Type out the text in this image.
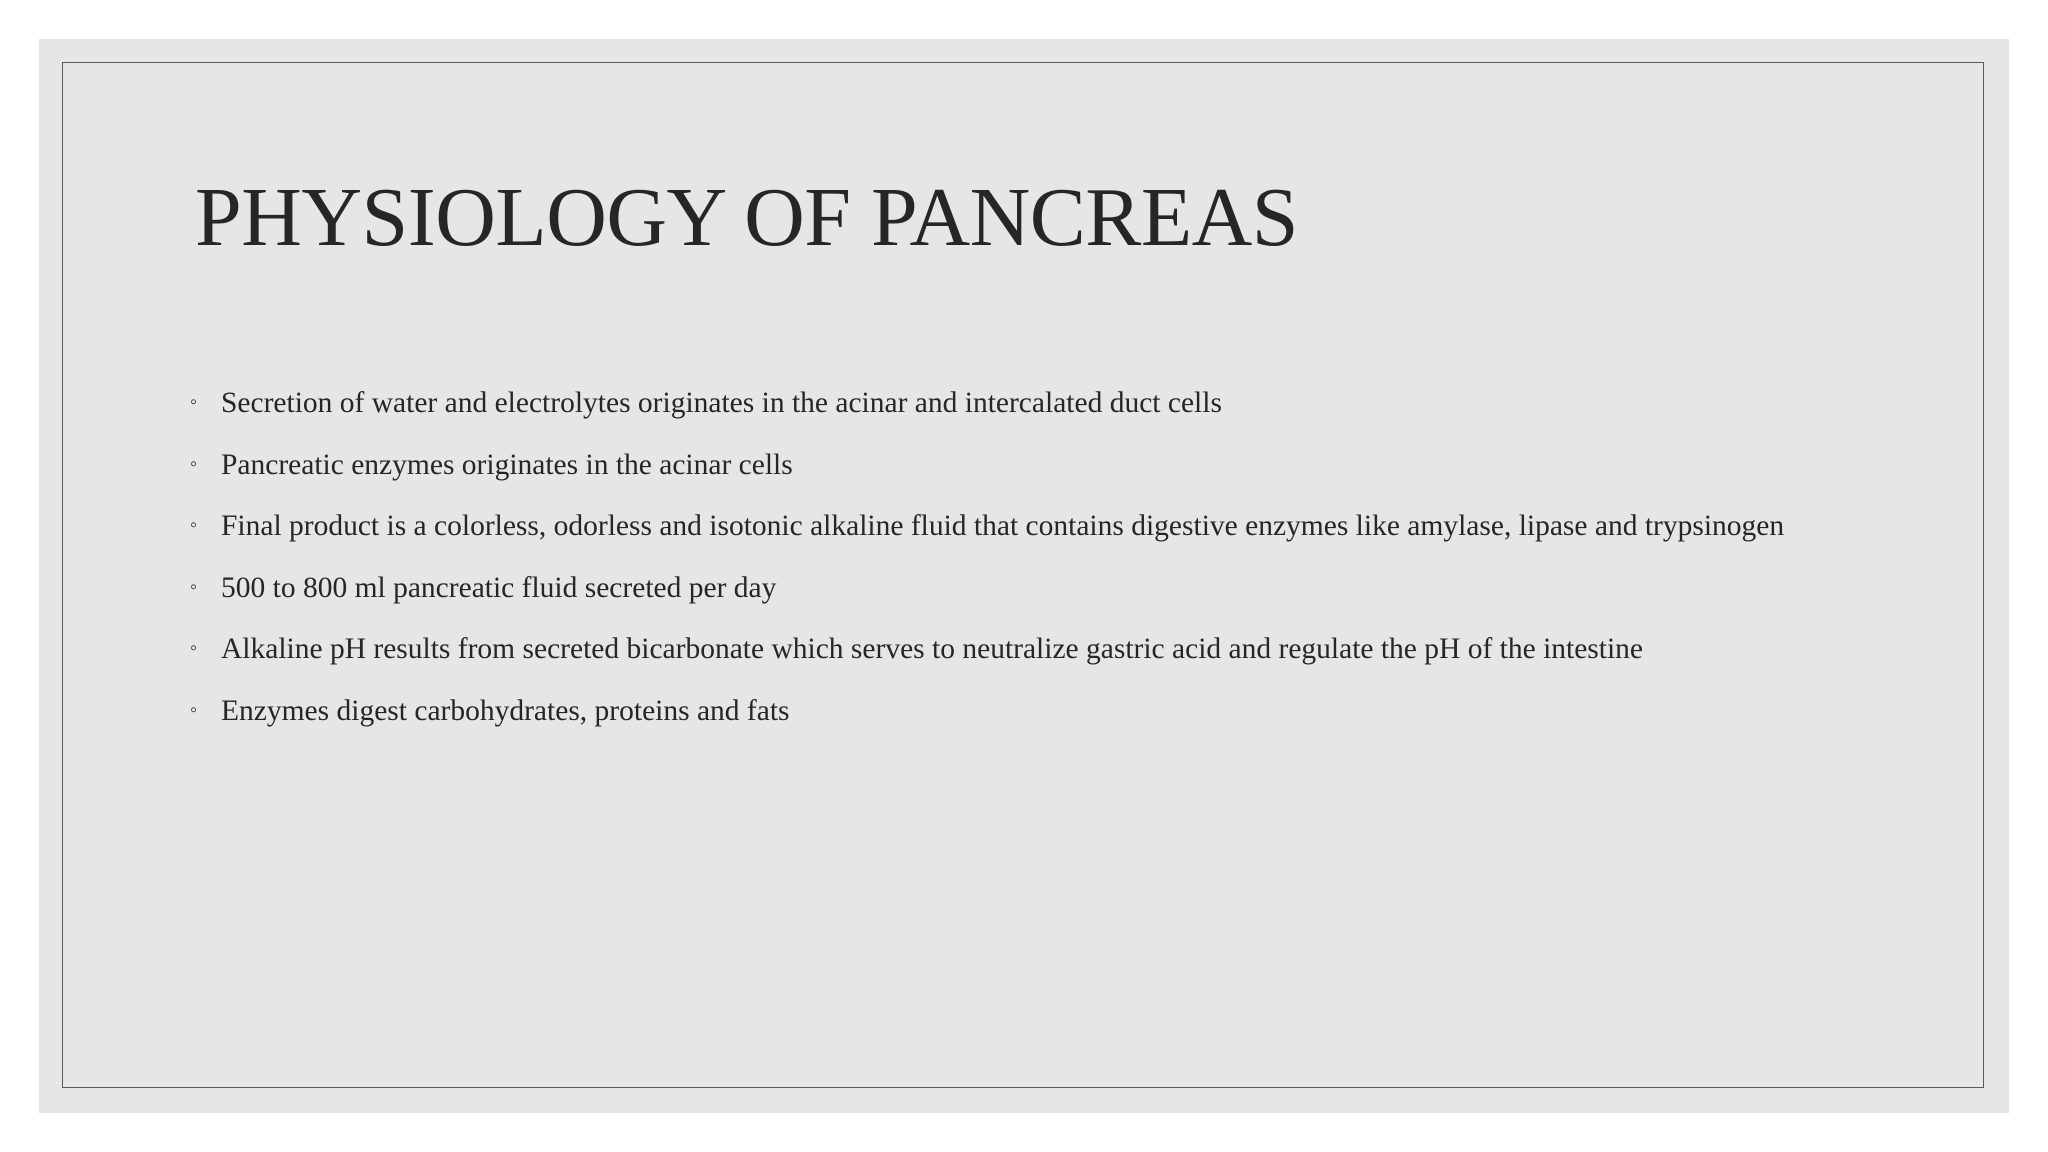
PHYSIOLOGY OF PANCREAS
◦ Secretion of water and electrolytes originates in the acinar and intercalated duct cells
◦ Pancreatic enzymes originates in the acinar cells
◦ Final product is a colorless, odorless and isotonic alkaline fluid that contains digestive enzymes like amylase, lipase and trypsinogen
◦ 500 to 800 ml pancreatic fluid secreted per day
◦ Alkaline pH results from secreted bicarbonate which serves to neutralize gastric acid and regulate the pH of the intestine
◦ Enzymes digest carbohydrates, proteins and fats
